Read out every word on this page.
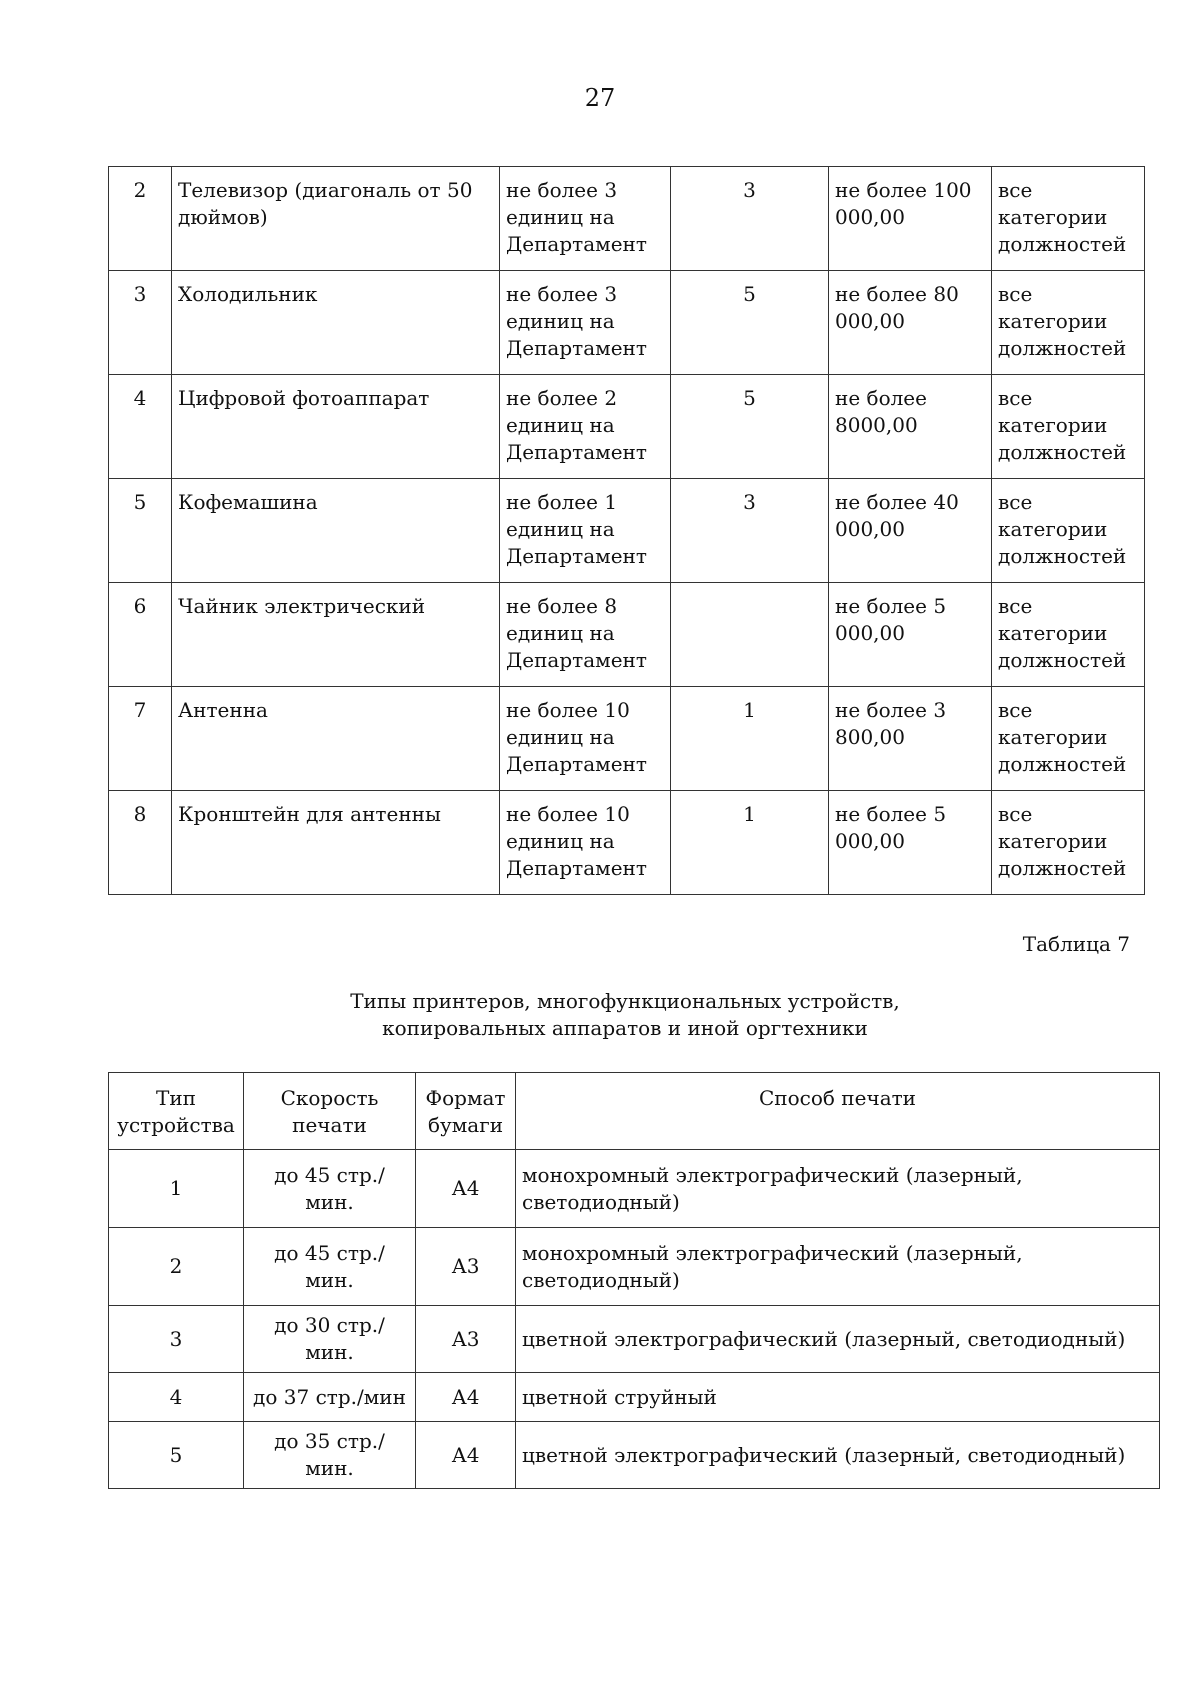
27
2	Телевизор (диагональ от 50 дюймов)	не более 3 единиц на Департамент	3	не более 100 000,00	все категории должностей
3	Холодильник	не более 3 единиц на Департамент	5	не более 80 000,00	все категории должностей
4	Цифровой фотоаппарат	не более 2 единиц на Департамент	5	не более 8000,00	все категории должностей
5	Кофемашина	не более 1 единиц на Департамент	3	не более 40 000,00	все категории должностей
6	Чайник электрический	не более 8 единиц на Департамент		не более 5 000,00	все категории должностей
7	Антенна	не более 10 единиц на Департамент	1	не более 3 800,00	все категории должностей
8	Кронштейн для антенны	не более 10 единиц на Департамент	1	не более 5 000,00	все категории должностей
Таблица 7
Типы принтеров, многофункциональных устройств,
копировальных аппаратов и иной оргтехники
Тип устройства	Скорость печати	Формат бумаги	Способ печати
1	до 45 стр./мин.	А4	монохромный электрографический (лазерный, светодиодный)
2	до 45 стр./мин.	А3	монохромный электрографический (лазерный, светодиодный)
3	до 30 стр./мин.	А3	цветной электрографический (лазерный, светодиодный)
4	до 37 стр./мин	А4	цветной струйный
5	до 35 стр./мин.	А4	цветной электрографический (лазерный, светодиодный)
